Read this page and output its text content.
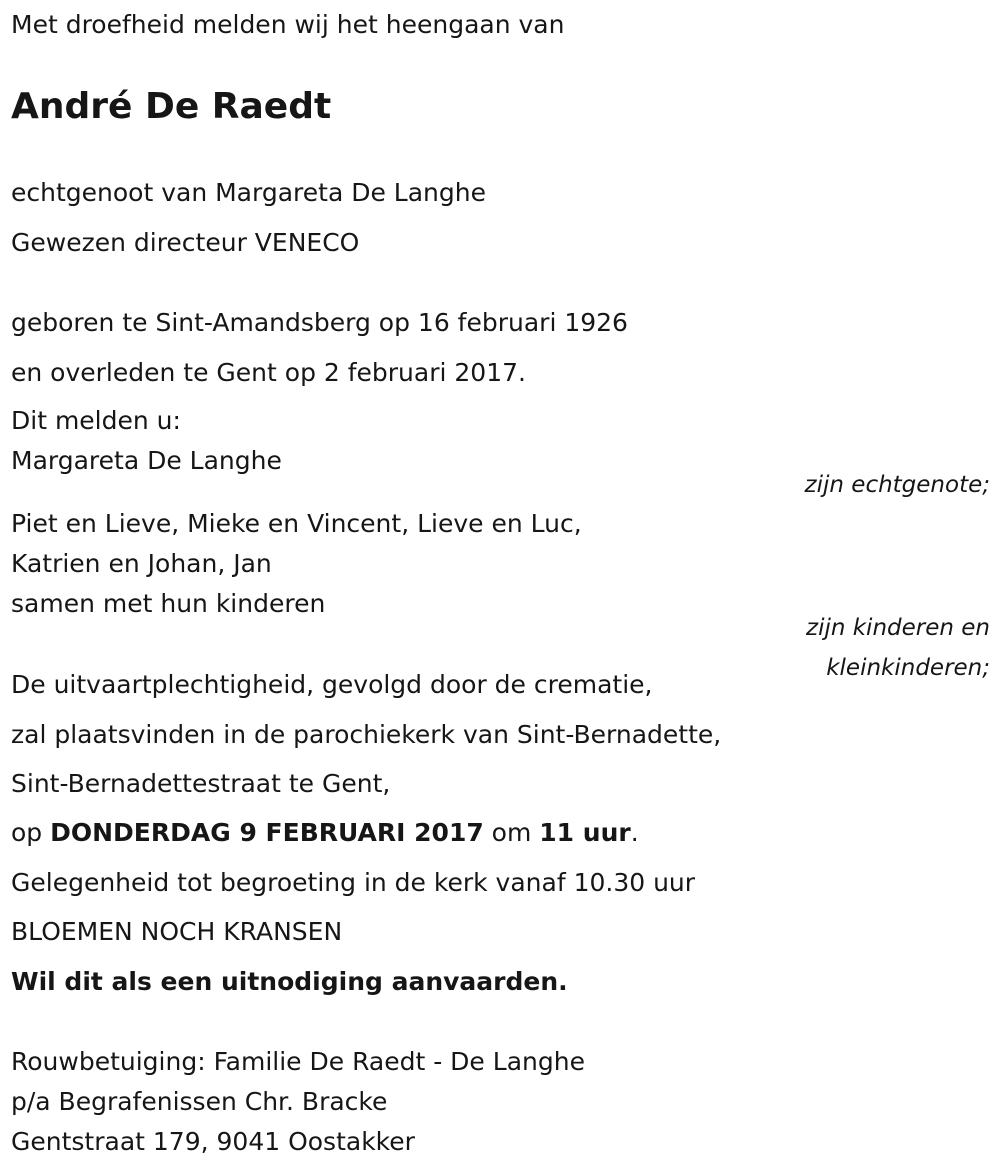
Met droefheid melden wij het heengaan van
André De Raedt
echtgenoot van Margareta De Langhe
Gewezen directeur VENECO
geboren te Sint-Amandsberg op 16 februari 1926
en overleden te Gent op 2 februari 2017.
Dit melden u:
Margareta De Langhe
zijn echtgenote;
Piet en Lieve, Mieke en Vincent, Lieve en Luc,
Katrien en Johan, Jan
samen met hun kinderen
zijn kinderen en
kleinkinderen;
De uitvaartplechtigheid, gevolgd door de crematie,
zal plaatsvinden in de parochiekerk van Sint-Bernadette,
Sint-Bernadettestraat te Gent,
op DONDERDAG 9 FEBRUARI 2017 om 11 uur.
Gelegenheid tot begroeting in de kerk vanaf 10.30 uur
BLOEMEN NOCH KRANSEN
Wil dit als een uitnodiging aanvaarden.
Rouwbetuiging: Familie De Raedt - De Langhe
p/a Begrafenissen Chr. Bracke
Gentstraat 179, 9041 Oostakker
